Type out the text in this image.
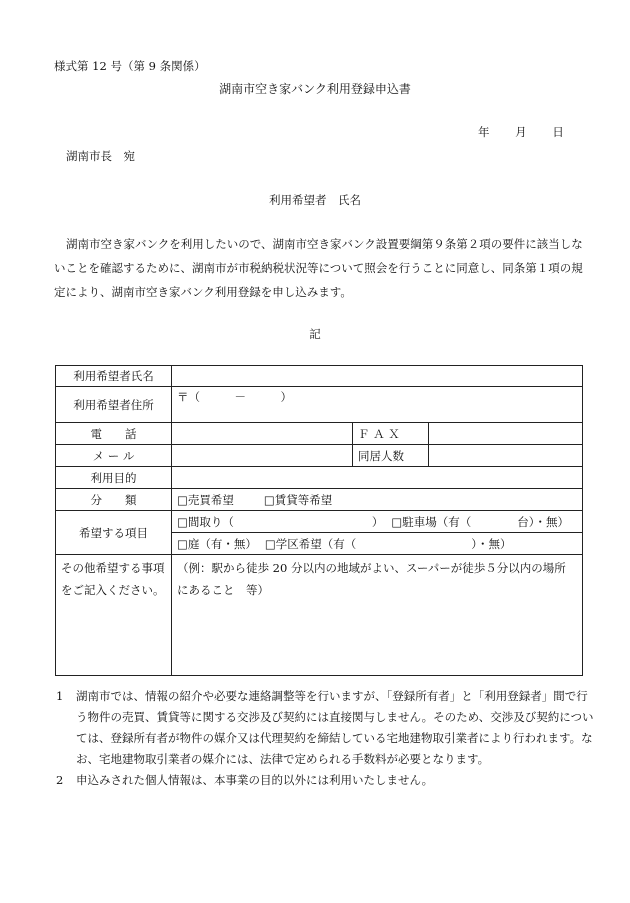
様式第 12 号（第 9 条関係）
湖南市空き家バンク利用登録申込書
年 月 日
湖南市長　宛
利用希望者　氏名
湖南市空き家バンクを利用したいので、湖南市空き家バンク設置要綱第９条第２項の要件に該当しないことを確認するために、湖南市が市税納税状況等について照会を行うことに同意し、同条第１項の規定により、湖南市空き家バンク利用登録を申し込みます。
記
利用希望者氏名			
利用希望者住所	〒（　　　－　　　）		
電　　話		Ｆ Ａ Ｘ	
メ ー ル		同居人数	
利用目的			
分　　類	□売買希望 □賃貸等希望		
希望する項目	□間取り（　　　　　　　　　　　　） □駐車場（有（　　　　台）・無）		
	□庭（有・無） □学区希望（有（　　　　　　　　　　）・無）		
その他希望する事項をご記入ください。	（例：駅から徒歩 20 分以内の地域がよい、スーパーが徒歩５分以内の場所にあること　等）		
1 湖南市では、情報の紹介や必要な連絡調整等を行いますが、「登録所有者」と「利用登録者」間で行う物件の売買、賃貸等に関する交渉及び契約には直接関与しません。そのため、交渉及び契約については、登録所有者が物件の媒介又は代理契約を締結している宅地建物取引業者により行われます。なお、宅地建物取引業者の媒介には、法律で定められる手数料が必要となります。
2 申込みされた個人情報は、本事業の目的以外には利用いたしません。
